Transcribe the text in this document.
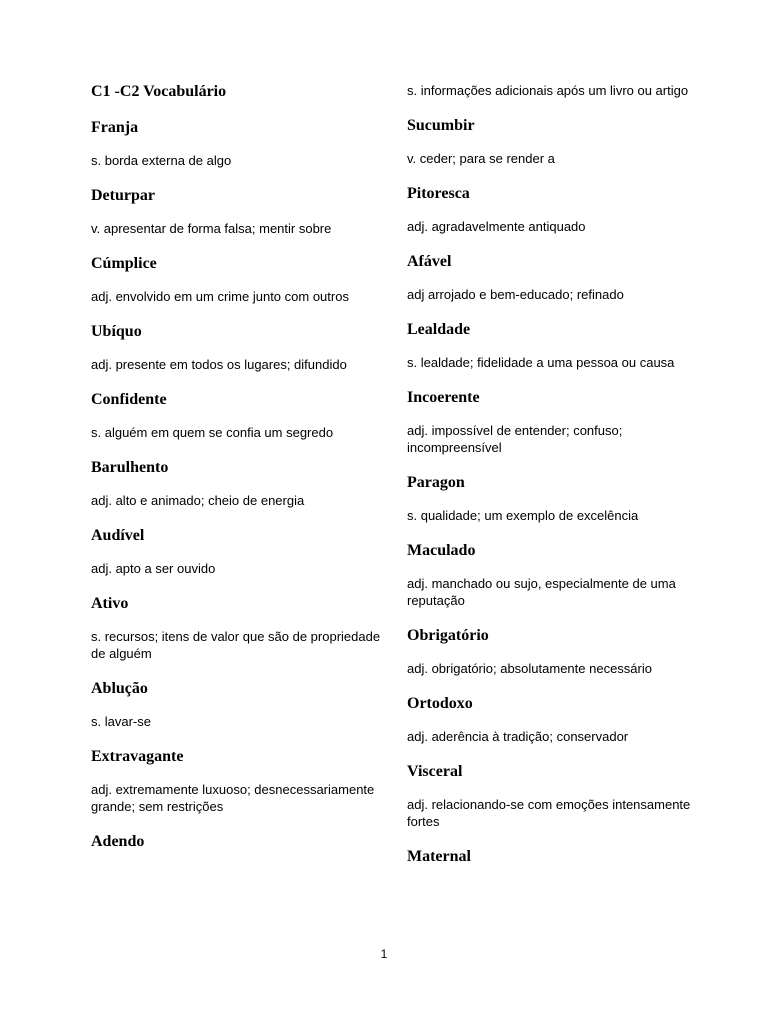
C1 -C2 Vocabulário
Franja

s. borda externa de algo

Deturpar

v. apresentar de forma falsa; mentir sobre

Cúmplice

adj. envolvido em um crime junto com outros

Ubíquo

adj. presente em todos os lugares; difundido

Confidente

s. alguém em quem se confia um segredo

Barulhento

adj. alto e animado; cheio de energia

Audível

adj. apto a ser ouvido

Ativo

s. recursos; itens de valor que são de propriedade de alguém

Ablução

s. lavar-se

Extravagante

adj. extremamente luxuoso; desnecessariamente grande; sem restrições

Adendo

s. informações adicionais após um livro ou artigo

Sucumbir

v. ceder; para se render a

Pitoresca

adj. agradavelmente antiquado

Afável

adj arrojado e bem-educado; refinado

Lealdade

s. lealdade; fidelidade a uma pessoa ou causa

Incoerente

adj. impossível de entender; confuso; incompreensível

Paragon

s. qualidade; um exemplo de excelência

Maculado

adj. manchado ou sujo, especialmente de uma reputação

Obrigatório

adj. obrigatório; absolutamente necessário

Ortodoxo

adj. aderência à tradição; conservador

Visceral

adj. relacionando-se com emoções intensamente fortes

Maternal
1
